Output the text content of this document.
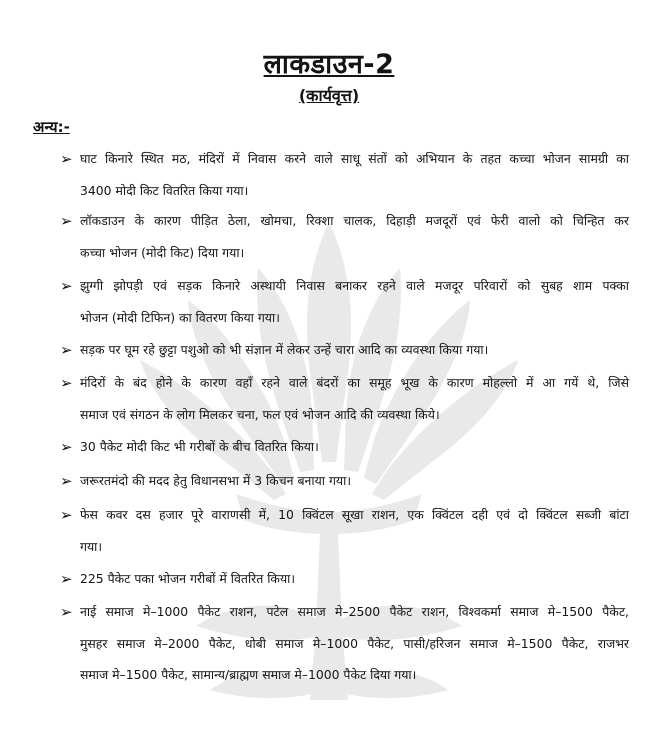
लाकडाउन-2
(कार्यवृत्त)
अन्य:-
➢ घाट किनारे स्थित मठ, मंदिरों में निवास करने वाले साधू संतों को अभियान के तहत कच्चा भोजन सामग्री का
3400 मोदी किट वितरित किया गया।
➢ लॉकडाउन के कारण पीड़ित ठेला, खोमचा, रिक्शा चालक, दिहाड़ी मजदूरों एवं फेरी वालो को चिन्हित कर
कच्चा भोजन (मोदी किट) दिया गया।
➢ झुग्गी झोपड़ी एवं सड़क किनारे अस्थायी निवास बनाकर रहने वाले मजदूर परिवारों को सुबह शाम पक्का
भोजन (मोदी टिफिन) का वितरण किया गया।
➢ सड़क पर घूम रहे छुट्टा पशुओ को भी संज्ञान में लेकर उन्हें चारा आदि का व्यवस्था किया गया।
➢ मंदिरों के बंद होने के कारण वहाँ रहने वाले बंदरों का समूह भूख के कारण मोहल्लो में आ गयें थे, जिसे
समाज एवं संगठन के लोग मिलकर चना, फल एवं भोजन आदि की व्यवस्था किये।
➢ 30 पैकेट मोदी किट भी गरीबों के बीच वितरित किया।
➢ जरूरतमंदो की मदद हेतु विधानसभा में 3 किचन बनाया गया।
➢ फेस कवर दस हजार पूरे वाराणसी में, 10 क्विंटल सूखा राशन, एक क्विंटल दही एवं दो क्विंटल सब्जी बांटा
गया।
➢ 225 पैकेट पका भोजन गरीबों में वितरित किया।
➢ नाई समाज मे–1000 पैकेट राशन, पटेल समाज मे–2500 पैकेट राशन, विश्वकर्मा समाज मे–1500 पैकेट,
मुसहर समाज मे–2000 पैकेट, धोबी समाज मे–1000 पैकेट, पासी/हरिजन समाज मे–1500 पैकेट, राजभर
समाज मे–1500 पैकेट, सामान्य/ब्राह्मण समाज मे–1000 पैकेट दिया गया।
